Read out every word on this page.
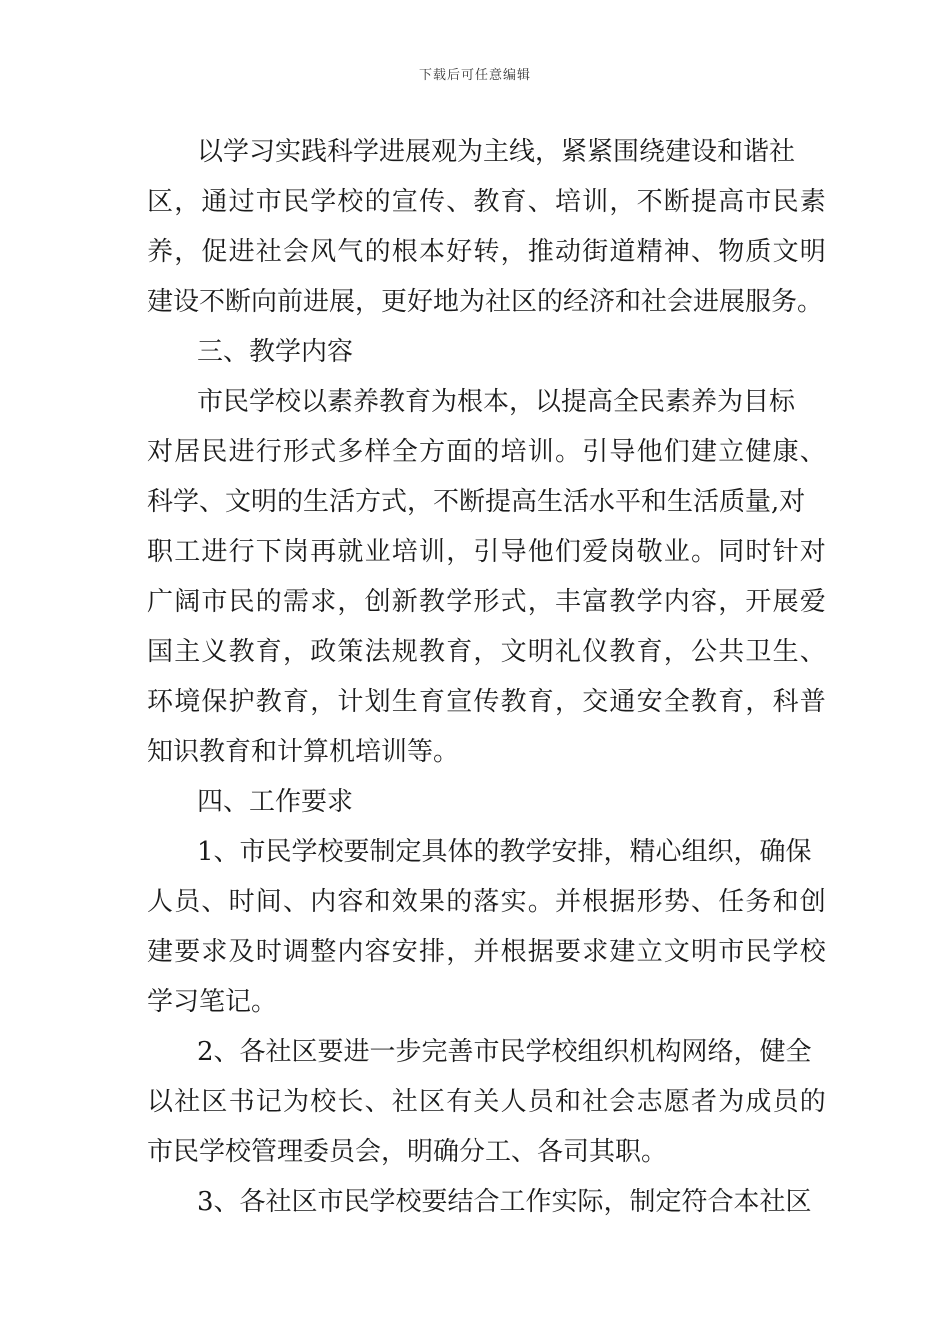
下载后可任意编辑
以学习实践科学进展观为主线，紧紧围绕建设和谐社
区，通过市民学校的宣传、教育、培训，不断提高市民素
养，促进社会风气的根本好转，推动街道精神、物质文明
建设不断向前进展，更好地为社区的经济和社会进展服务。
三、教学内容
市民学校以素养教育为根本，以提高全民素养为目标
对居民进行形式多样全方面的培训。引导他们建立健康、
科学、文明的生活方式，不断提高生活水平和生活质量,对
职工进行下岗再就业培训，引导他们爱岗敬业。同时针对
广阔市民的需求，创新教学形式，丰富教学内容，开展爱
国主义教育，政策法规教育，文明礼仪教育，公共卫生、
环境保护教育，计划生育宣传教育，交通安全教育，科普
知识教育和计算机培训等。
四、工作要求
1、市民学校要制定具体的教学安排，精心组织，确保
人员、时间、内容和效果的落实。并根据形势、任务和创
建要求及时调整内容安排，并根据要求建立文明市民学校
学习笔记。
2、各社区要进一步完善市民学校组织机构网络，健全
以社区书记为校长、社区有关人员和社会志愿者为成员的
市民学校管理委员会，明确分工、各司其职。
3、各社区市民学校要结合工作实际，制定符合本社区
